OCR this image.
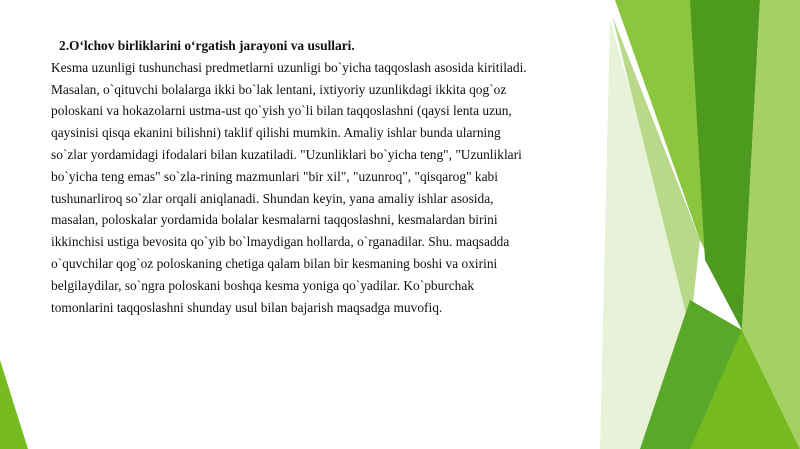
2.O‘lchov birliklarini o‘rgatish jarayoni va usullari.

Kesma uzunligi tushunchasi predmetlarni uzunligi bo`yicha taqqoslash asosida kiritiladi.

Masalan, o`qituvchi bolalarga ikki bo`lak lentani, ixtiyoriy uzunlikdagi ikkita qog`oz

poloskani va hokazolarni ustma-ust qo`yish yo`li bilan taqqoslashni (qaysi lenta uzun,

qaysinisi qisqa ekanini bilishni) taklif qilishi mumkin. Amaliy ishlar bunda ularning

so`zlar yordamidagi ifodalari bilan kuzatiladi. "Uzunliklari bo`yicha teng", "Uzunliklari

bo`yicha teng emas" so`zla-rining mazmunlari "bir xil", "uzunroq", "qisqarog" kabi

tushunarliroq so`zlar orqali aniqlanadi. Shundan keyin, yana amaliy ishlar asosida,

masalan, poloskalar yordamida bolalar kesmalarni taqqoslashni, kesmalardan birini

ikkinchisi ustiga bevosita qo`yib bo`lmaydigan hollarda, o`rganadilar. Shu. maqsadda

o`quvchilar qog`oz poloskaning chetiga qalam bilan bir kesmaning boshi va oxirini

belgilaydilar, so`ngra poloskani boshqa kesma yoniga qo`yadilar. Ko`pburchak

tomonlarini taqqoslashni shunday usul bilan bajarish maqsadga muvofiq.
